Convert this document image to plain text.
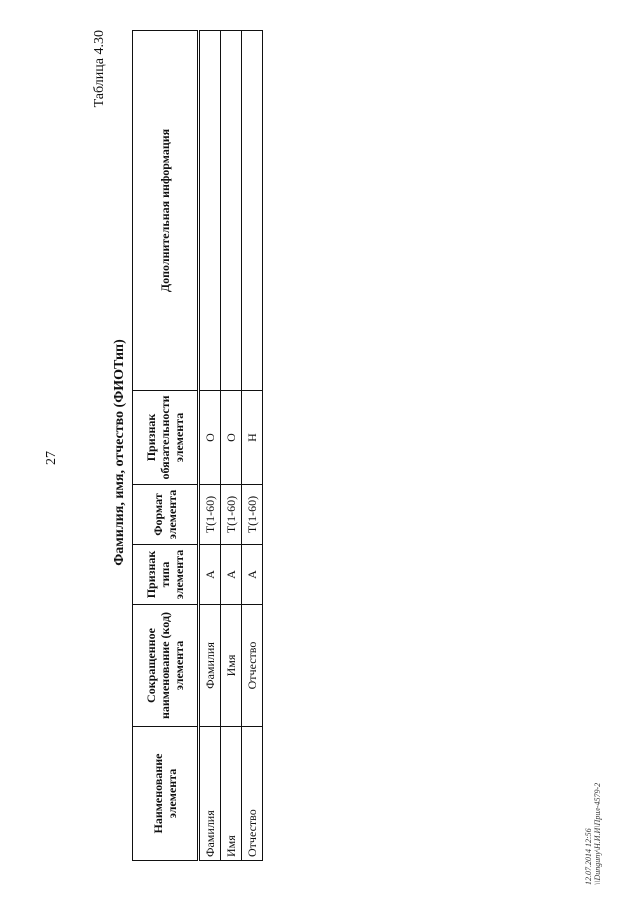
27
Таблица 4.30
Фамилия, имя, отчество (ФИОТип)
Наименование элемента	Сокращенное наименование (код) элемента	Признак типа элемента	Формат элемента	Признак обязательности элемента	Дополнительная информация
Фамилия	Фамилия	А	Т(1-60)	О	
Имя	Имя	А	Т(1-60)	О	
Отчество	Отчество	А	Т(1-60)	Н	
12.07.2014 12:56 \\Dunguny\Н.И.И\Прил-4579-2
